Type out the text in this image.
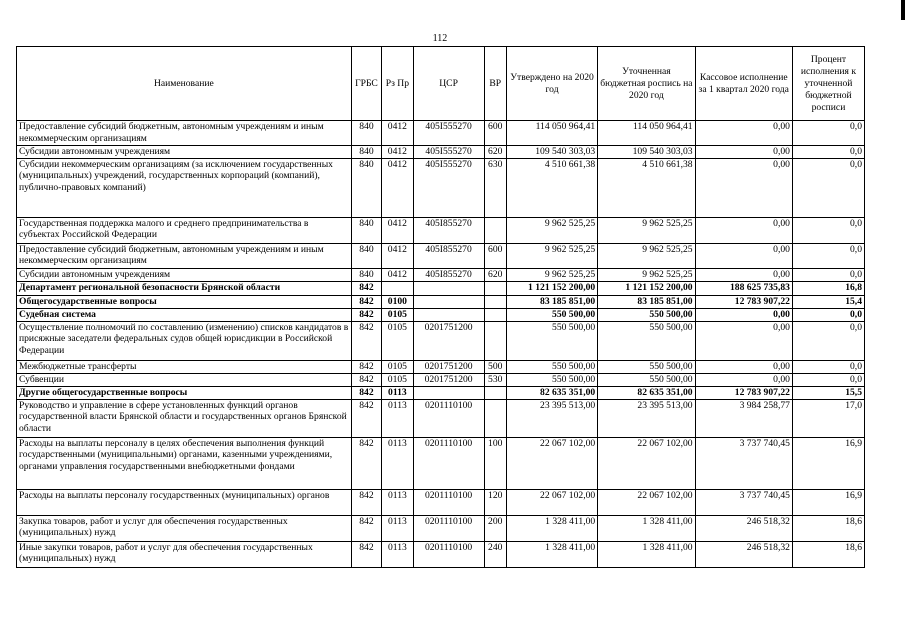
112
Наименование	ГРБС	Рз Пр	ЦСР	ВР	Утверждено на 2020 год	Уточненная бюджетная роспись на 2020 год	Кассовое исполнение за 1 квартал 2020 года	Процент исполнения к уточненной бюджетной росписи
Предоставление субсидий бюджетным, автономным учреждениям и иным некоммерческим организациям	840	0412	405I555270	600	114 050 964,41	114 050 964,41	0,00	0,0
Субсидии автономным учреждениям	840	0412	405I555270	620	109 540 303,03	109 540 303,03	0,00	0,0
Субсидии некоммерческим организациям (за исключением государственных (муниципальных) учреждений, государственных корпораций (компаний), публично-правовых компаний)	840	0412	405I555270	630	4 510 661,38	4 510 661,38	0,00	0,0
Государственная поддержка малого и среднего предпринимательства в субъектах Российской Федерации	840	0412	405I855270		9 962 525,25	9 962 525,25	0,00	0,0
Предоставление субсидий бюджетным, автономным учреждениям и иным некоммерческим организациям	840	0412	405I855270	600	9 962 525,25	9 962 525,25	0,00	0,0
Субсидии автономным учреждениям	840	0412	405I855270	620	9 962 525,25	9 962 525,25	0,00	0,0
Департамент региональной безопасности Брянской области	842				1 121 152 200,00	1 121 152 200,00	188 625 735,83	16,8
Общегосударственные вопросы	842	0100			83 185 851,00	83 185 851,00	12 783 907,22	15,4
Судебная система	842	0105			550 500,00	550 500,00	0,00	0,0
Осуществление полномочий по составлению (изменению) списков кандидатов в присяжные заседатели федеральных судов общей юрисдикции в Российской Федерации	842	0105	0201751200		550 500,00	550 500,00	0,00	0,0
Межбюджетные трансферты	842	0105	0201751200	500	550 500,00	550 500,00	0,00	0,0
Субвенции	842	0105	0201751200	530	550 500,00	550 500,00	0,00	0,0
Другие общегосударственные вопросы	842	0113			82 635 351,00	82 635 351,00	12 783 907,22	15,5
Руководство и управление в сфере установленных функций органов государственной власти Брянской области и государственных органов Брянской области	842	0113	0201110100		23 395 513,00	23 395 513,00	3 984 258,77	17,0
Расходы на выплаты персоналу в целях обеспечения выполнения функций государственными (муниципальными) органами, казенными учреждениями, органами управления государственными внебюджетными фондами	842	0113	0201110100	100	22 067 102,00	22 067 102,00	3 737 740,45	16,9
Расходы на выплаты персоналу государственных (муниципальных) органов	842	0113	0201110100	120	22 067 102,00	22 067 102,00	3 737 740,45	16,9
Закупка товаров, работ и услуг для обеспечения государственных (муниципальных) нужд	842	0113	0201110100	200	1 328 411,00	1 328 411,00	246 518,32	18,6
Иные закупки товаров, работ и услуг для обеспечения государственных (муниципальных) нужд	842	0113	0201110100	240	1 328 411,00	1 328 411,00	246 518,32	18,6
